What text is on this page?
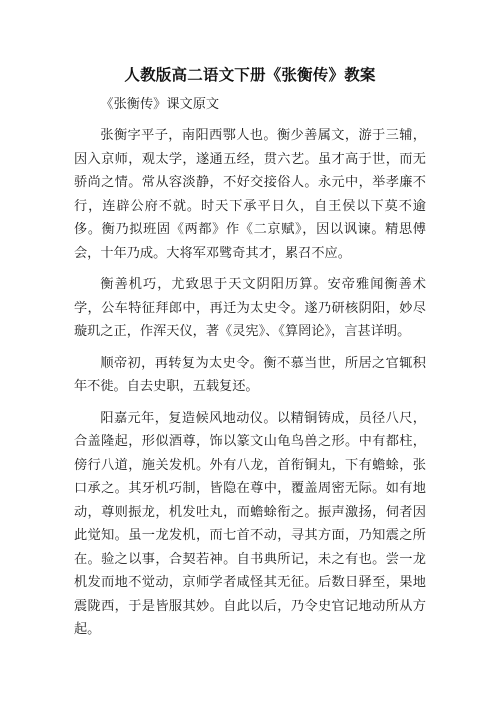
人教版高二语文下册《张衡传》教案

《张衡传》课文原文

张衡字平子，南阳西鄂人也。衡少善属文，游于三辅，因入京师，观太学，遂通五经，贯六艺。虽才高于世，而无骄尚之情。常从容淡静，不好交接俗人。永元中，举孝廉不行，连辟公府不就。时天下承平日久，自王侯以下莫不逾侈。衡乃拟班固《两都》作《二京赋》，因以讽谏。精思傅会，十年乃成。大将军邓骘奇其才，累召不应。

衡善机巧，尤致思于天文阴阳历算。安帝雅闻衡善术学，公车特征拜郎中，再迁为太史令。遂乃研核阴阳，妙尽璇玑之正，作浑天仪，著《灵宪》、《算罔论》，言甚详明。

顺帝初，再转复为太史令。衡不慕当世，所居之官辄积年不徙。自去史职，五载复还。

阳嘉元年，复造候风地动仪。以精铜铸成，员径八尺，合盖隆起，形似酒尊，饰以篆文山龟鸟兽之形。中有都柱，傍行八道，施关发机。外有八龙，首衔铜丸，下有蟾蜍，张口承之。其牙机巧制，皆隐在尊中，覆盖周密无际。如有地动，尊则振龙，机发吐丸，而蟾蜍衔之。振声激扬，伺者因此觉知。虽一龙发机，而七首不动，寻其方面，乃知震之所在。验之以事，合契若神。自书典所记，未之有也。尝一龙机发而地不觉动，京师学者咸怪其无征。后数日驿至，果地震陇西，于是皆服其妙。自此以后，乃令史官记地动所从方起。
